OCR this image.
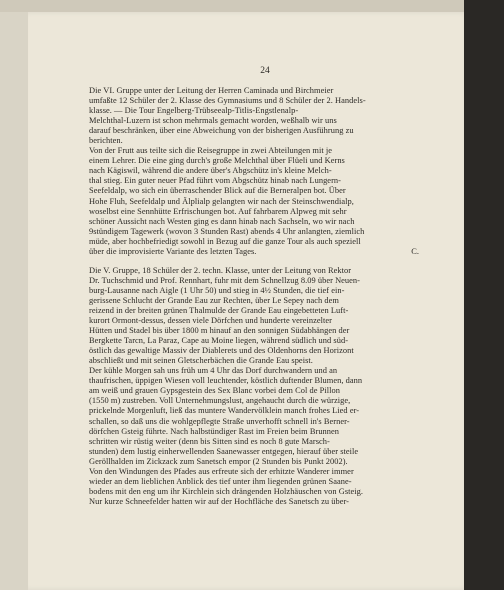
24
Die VI. Gruppe unter der Leitung der Herren Caminada und Birchmeier
umfaßte 12 Schüler der 2. Klasse des Gymnasiums und 8 Schüler der 2. Handels-
klasse. — Die Tour Engelberg-Trübseealp-Titlis-Engstlenalp-
Melchthal-Luzern ist schon mehrmals gemacht worden, weßhalb wir uns
darauf beschränken, über eine Abweichung von der bisherigen Ausführung zu
berichten.
Von der Frutt aus teilte sich die Reisegruppe in zwei Abteilungen mit je
einem Lehrer. Die eine ging durch's große Melchthal über Flüeli und Kerns
nach Kägiswil, während die andere über's Abgschütz in's kleine Melch-
thal stieg. Ein guter neuer Pfad führt vom Abgschütz hinab nach Lungern-
Seefeldalp, wo sich ein überraschender Blick auf die Berneralpen bot. Über
Hohe Fluh, Seefeldalp und Älplialp gelangten wir nach der Steinschwendialp,
woselbst eine Sennhütte Erfrischungen bot. Auf fahrbarem Alpweg mit sehr
schöner Aussicht nach Westen ging es dann hinab nach Sachseln, wo wir nach
9stündigem Tagewerk (wovon 3 Stunden Rast) abends 4 Uhr anlangten, ziemlich
müde, aber hochbefriedigt sowohl in Bezug auf die ganze Tour als auch speziell
über die improvisierte Variante des letzten Tages.	C.
Die V. Gruppe, 18 Schüler der 2. techn. Klasse, unter der Leitung von Rektor
Dr. Tuchschmid und Prof. Rennhart, fuhr mit dem Schnellzug 8.09 über Neuen-
burg-Lausanne nach Aigle (1 Uhr 50) und stieg in 4½ Stunden, die tief ein-
gerissene Schlucht der Grande Eau zur Rechten, über Le Sepey nach dem
reizend in der breiten grünen Thalmulde der Grande Eau eingebetteten Luft-
kurort Ormont-dessus, dessen viele Dörfchen und hunderte vereinzelter
Hütten und Stadel bis über 1800 m hinauf an den sonnigen Südabhängen der
Bergkette Tarcn, La Paraz, Cape au Moine liegen, während südlich und süd-
östlich das gewaltige Massiv der Diablerets und des Oldenhorns den Horizont
abschließt und mit seinen Gletscherbächen die Grande Eau speist.
Der kühle Morgen sah uns früh um 4 Uhr das Dorf durchwandern und an
thaufrischen, üppigen Wiesen voll leuchtender, köstlich duftender Blumen, dann
am weiß und grauen Gypsgestein des Sex Blanc vorbei dem Col de Pillon
(1550 m) zustreben. Voll Unternehmungslust, angehaucht durch die würzige,
prickelnde Morgenluft, ließ das muntere Wandervölklein manch frohes Lied er-
schallen, so daß uns die wohlgepflegte Straße unverhofft schnell in's Berner-
dörfchen Gsteig führte. Nach halbstündiger Rast im Freien beim Brunnen
schritten wir rüstig weiter (denn bis Sitten sind es noch 8 gute Marsch-
stunden) dem lustig einherwellenden Saanewasser entgegen, hierauf über steile
Geröllhalden im Zickzack zum Sanetsch empor (2 Stunden bis Punkt 2002).
Von den Windungen des Pfades aus erfreute sich der erhitzte Wanderer immer
wieder an dem lieblichen Anblick des tief unter ihm liegenden grünen Saane-
bodens mit den eng um ihr Kirchlein sich drängenden Holzhäuschen von Gsteig.
Nur kurze Schneefelder hatten wir auf der Hochfläche des Sanetsch zu über-
